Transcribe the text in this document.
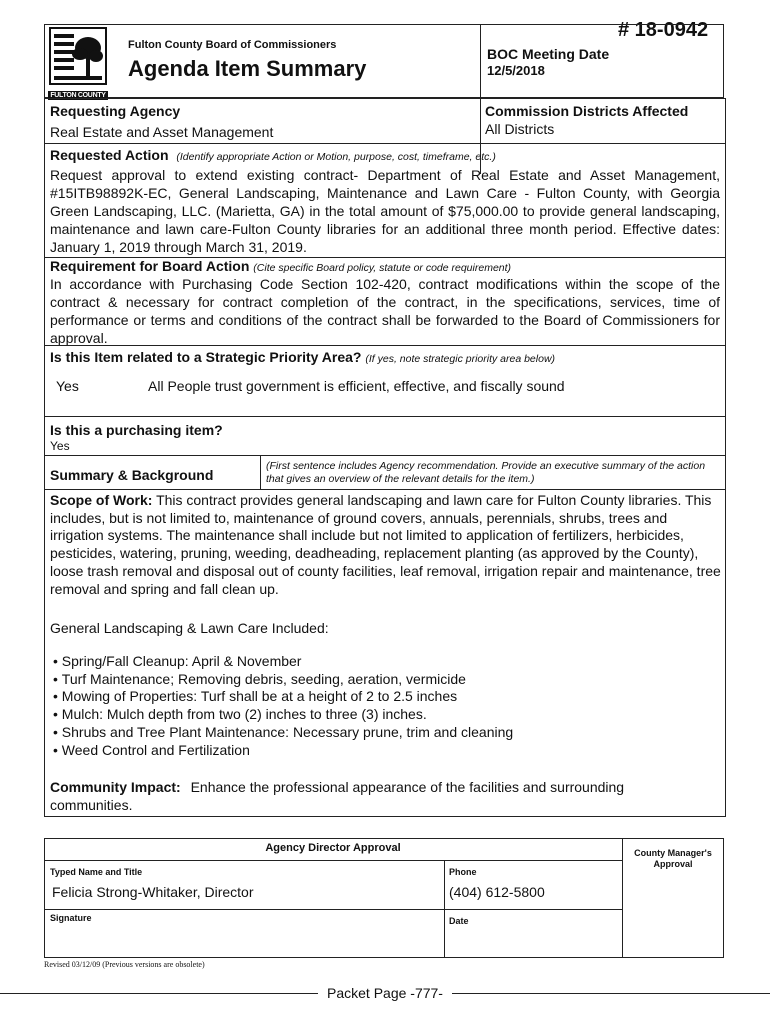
# 18-0942
FULTON COUNTY
Fulton County Board of Commissioners
Agenda Item Summary
BOC Meeting Date
12/5/2018
Requesting Agency
Real Estate and Asset Management
Commission Districts Affected
All Districts
Requested Action (Identify appropriate Action or Motion, purpose, cost, timeframe, etc.)
Request approval to extend existing contract- Department of Real Estate and Asset Management, #15ITB98892K-EC, General Landscaping, Maintenance and Lawn Care - Fulton County, with Georgia Green Landscaping, LLC. (Marietta, GA) in the total amount of $75,000.00 to provide general landscaping, maintenance and lawn care-Fulton County libraries for an additional three month period. Effective dates: January 1, 2019 through March 31, 2019.
Requirement for Board Action (Cite specific Board policy, statute or code requirement)
In accordance with Purchasing Code Section 102-420, contract modifications within the scope of the contract & necessary for contract completion of the contract, in the specifications, services, time of performance or terms and conditions of the contract shall be forwarded to the Board of Commissioners for approval.
Is this Item related to a Strategic Priority Area? (If yes, note strategic priority area below)
Yes	All People trust government is efficient, effective, and fiscally sound
Is this a purchasing item?
Yes
Summary & Background
(First sentence includes Agency recommendation. Provide an executive summary of the action that gives an overview of the relevant details for the item.)
Scope of Work: This contract provides general landscaping and lawn care for Fulton County libraries. This includes, but is not limited to, maintenance of ground covers, annuals, perennials, shrubs, trees and irrigation systems. The maintenance shall include but not limited to application of fertilizers, herbicides, pesticides, watering, pruning, weeding, deadheading, replacement planting (as approved by the County), loose trash removal and disposal out of county facilities, leaf removal, irrigation repair and maintenance, tree removal and spring and fall clean up.
General Landscaping & Lawn Care Included:
• Spring/Fall Cleanup: April & November
• Turf Maintenance; Removing debris, seeding, aeration, vermicide
• Mowing of Properties: Turf shall be at a height of 2 to 2.5 inches
• Mulch: Mulch depth from two (2) inches to three (3) inches.
• Shrubs and Tree Plant Maintenance: Necessary prune, trim and cleaning
• Weed Control and Fertilization
Community Impact: Enhance the professional appearance of the facilities and surrounding communities.
Agency Director Approval	County Manager's Approval
Typed Name and Title
Felicia Strong-Whitaker, Director
Phone
(404) 612-5800
Signature	Date
Revised 03/12/09 (Previous versions are obsolete)
Packet Page -777-
